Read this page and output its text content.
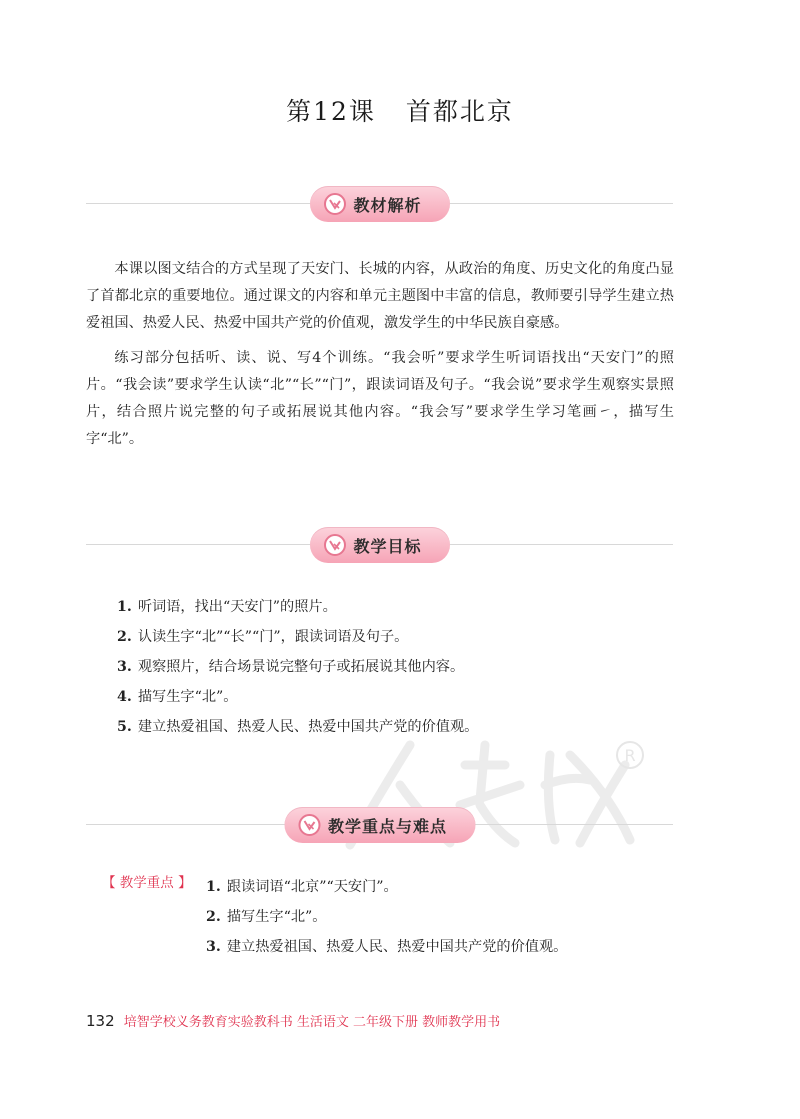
第12课 首都北京
教材解析

本课以图文结合的方式呈现了天安门、长城的内容，从政治的角度、历史文化的角度凸显了首都北京的重要地位。通过课文的内容和单元主题图中丰富的信息，教师要引导学生建立热爱祖国、热爱人民、热爱中国共产党的价值观，激发学生的中华民族自豪感。

练习部分包括听、读、说、写4个训练。“我会听”要求学生听词语找出“天安门”的照片。“我会读”要求学生认读“北”“长”“门”，跟读词语及句子。“我会说”要求学生观察实景照片，结合照片说完整的句子或拓展说其他内容。“我会写”要求学生学习笔画㇀，描写生字“北”。

教学目标
1. 听词语，找出“天安门”的照片。
2. 认读生字“北”“长”“门”，跟读词语及句子。
3. 观察照片，结合场景说完整句子或拓展说其他内容。
4. 描写生字“北”。
5. 建立热爱祖国、热爱人民、热爱中国共产党的价值观。
R
教学重点与难点
【 教学重点 】 1. 跟读词语“北京”“天安门”。
2. 描写生字“北”。
3. 建立热爱祖国、热爱人民、热爱中国共产党的价值观。
132 培智学校义务教育实验教科书 生活语文 二年级下册 教师教学用书
